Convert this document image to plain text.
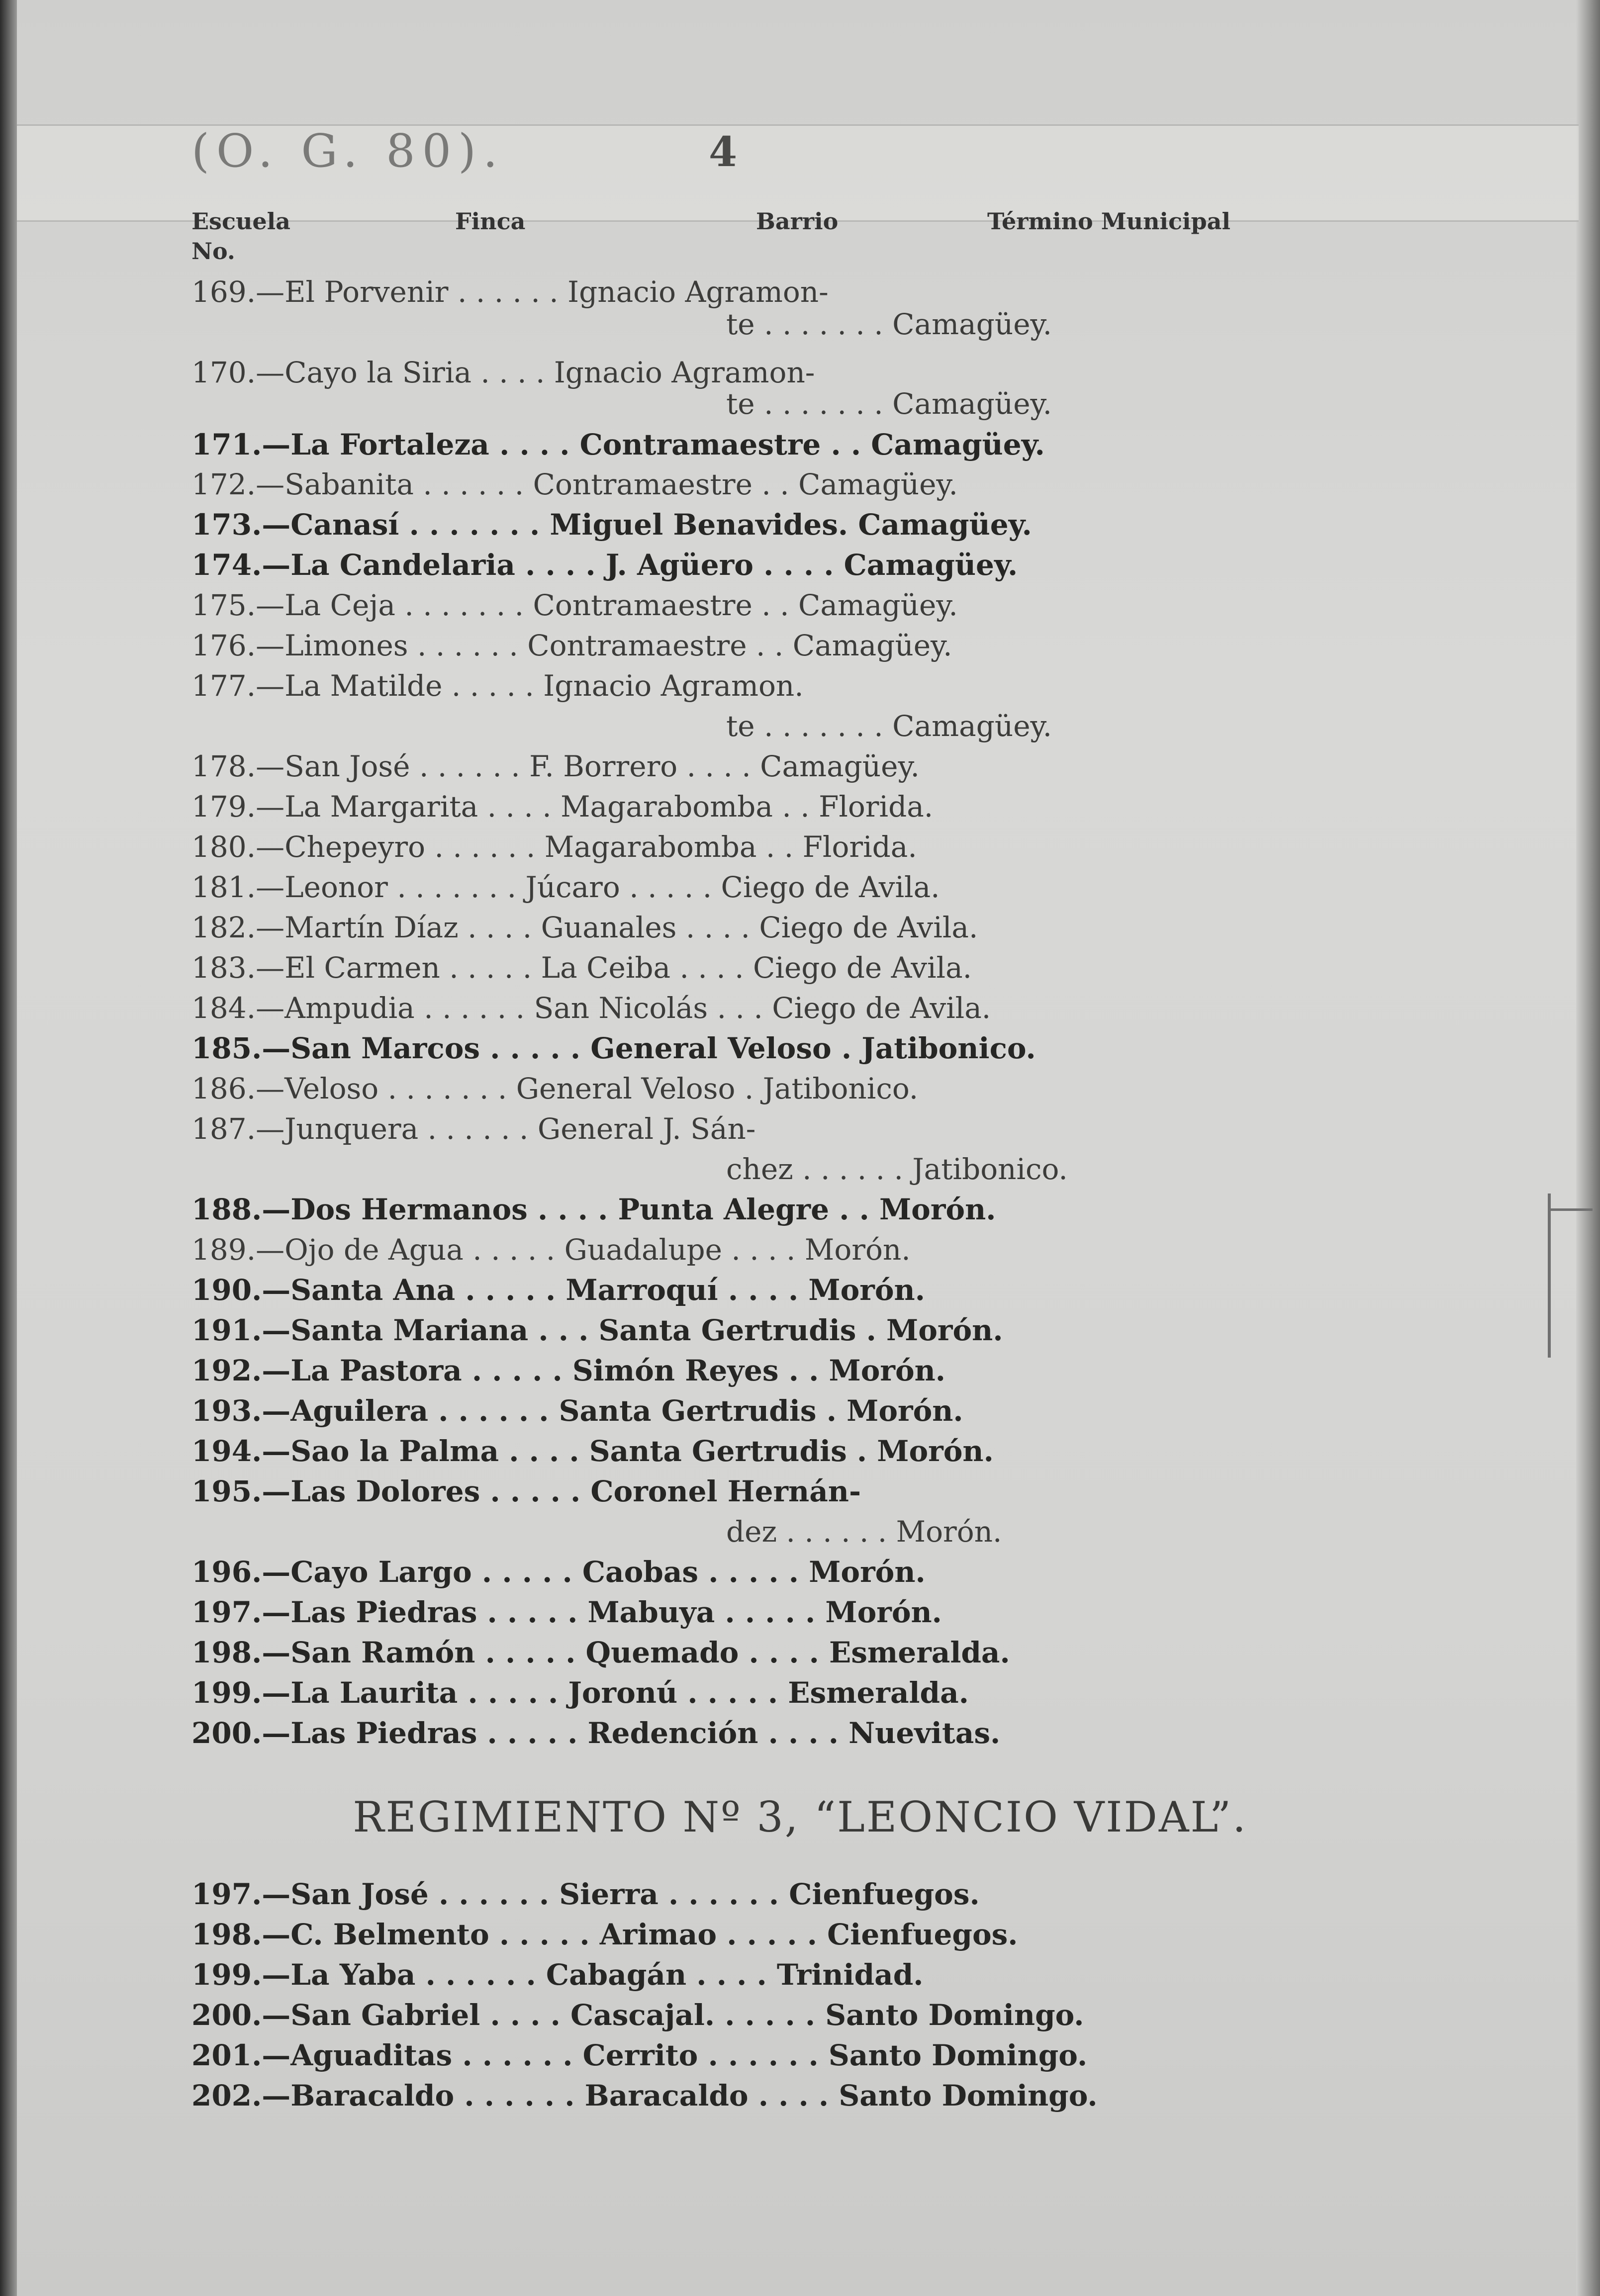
(O. G. 80).	4
Escuela
No.
Finca	Barrio	Término Municipal
169.—El Porvenir . . . . . . Ignacio Agramon-
te . . . . . . . Camagüey.
170.—Cayo la Siria . . . . Ignacio Agramon-
te . . . . . . . Camagüey.
171.—La Fortaleza . . . . Contramaestre . . Camagüey.
172.—Sabanita . . . . . . Contramaestre . . Camagüey.
173.—Canasí . . . . . . . Miguel Benavides. Camagüey.
174.—La Candelaria . . . . J. Agüero . . . . Camagüey.
175.—La Ceja . . . . . . . Contramaestre . . Camagüey.
176.—Limones . . . . . . Contramaestre . . Camagüey.
177.—La Matilde . . . . . Ignacio Agramon.
te . . . . . . . Camagüey.
178.—San José . . . . . . F. Borrero . . . . Camagüey.
179.—La Margarita . . . . Magarabomba . . Florida.
180.—Chepeyro . . . . . . Magarabomba . . Florida.
181.—Leonor . . . . . . . Júcaro . . . . . Ciego de Avila.
182.—Martín Díaz . . . . Guanales . . . . Ciego de Avila.
183.—El Carmen . . . . . La Ceiba . . . . Ciego de Avila.
184.—Ampudia . . . . . . San Nicolás . . . Ciego de Avila.
185.—San Marcos . . . . . General Veloso . Jatibonico.
186.—Veloso . . . . . . . General Veloso . Jatibonico.
187.—Junquera . . . . . . General J. Sán-
chez . . . . . . Jatibonico.
188.—Dos Hermanos . . . . Punta Alegre . . Morón.
189.—Ojo de Agua . . . . . Guadalupe . . . . Morón.
190.—Santa Ana . . . . . Marroquí . . . . Morón.
191.—Santa Mariana . . . Santa Gertrudis . Morón.
192.—La Pastora . . . . . Simón Reyes . . Morón.
193.—Aguilera . . . . . . Santa Gertrudis . Morón.
194.—Sao la Palma . . . . Santa Gertrudis . Morón.
195.—Las Dolores . . . . . Coronel Hernán-
dez . . . . . . Morón.
196.—Cayo Largo . . . . . Caobas . . . . . Morón.
197.—Las Piedras . . . . . Mabuya . . . . . Morón.
198.—San Ramón . . . . . Quemado . . . . Esmeralda.
199.—La Laurita . . . . . Joronú . . . . . Esmeralda.
200.—Las Piedras . . . . . Redención . . . . Nuevitas.
REGIMIENTO Nº 3, “LEONCIO VIDAL”.
197.—San José . . . . . . Sierra . . . . . . Cienfuegos.
198.—C. Belmento . . . . . Arimao . . . . . Cienfuegos.
199.—La Yaba . . . . . . Cabagán . . . . Trinidad.
200.—San Gabriel . . . . Cascajal. . . . . . Santo Domingo.
201.—Aguaditas . . . . . . Cerrito . . . . . . Santo Domingo.
202.—Baracaldo . . . . . . Baracaldo . . . . Santo Domingo.
